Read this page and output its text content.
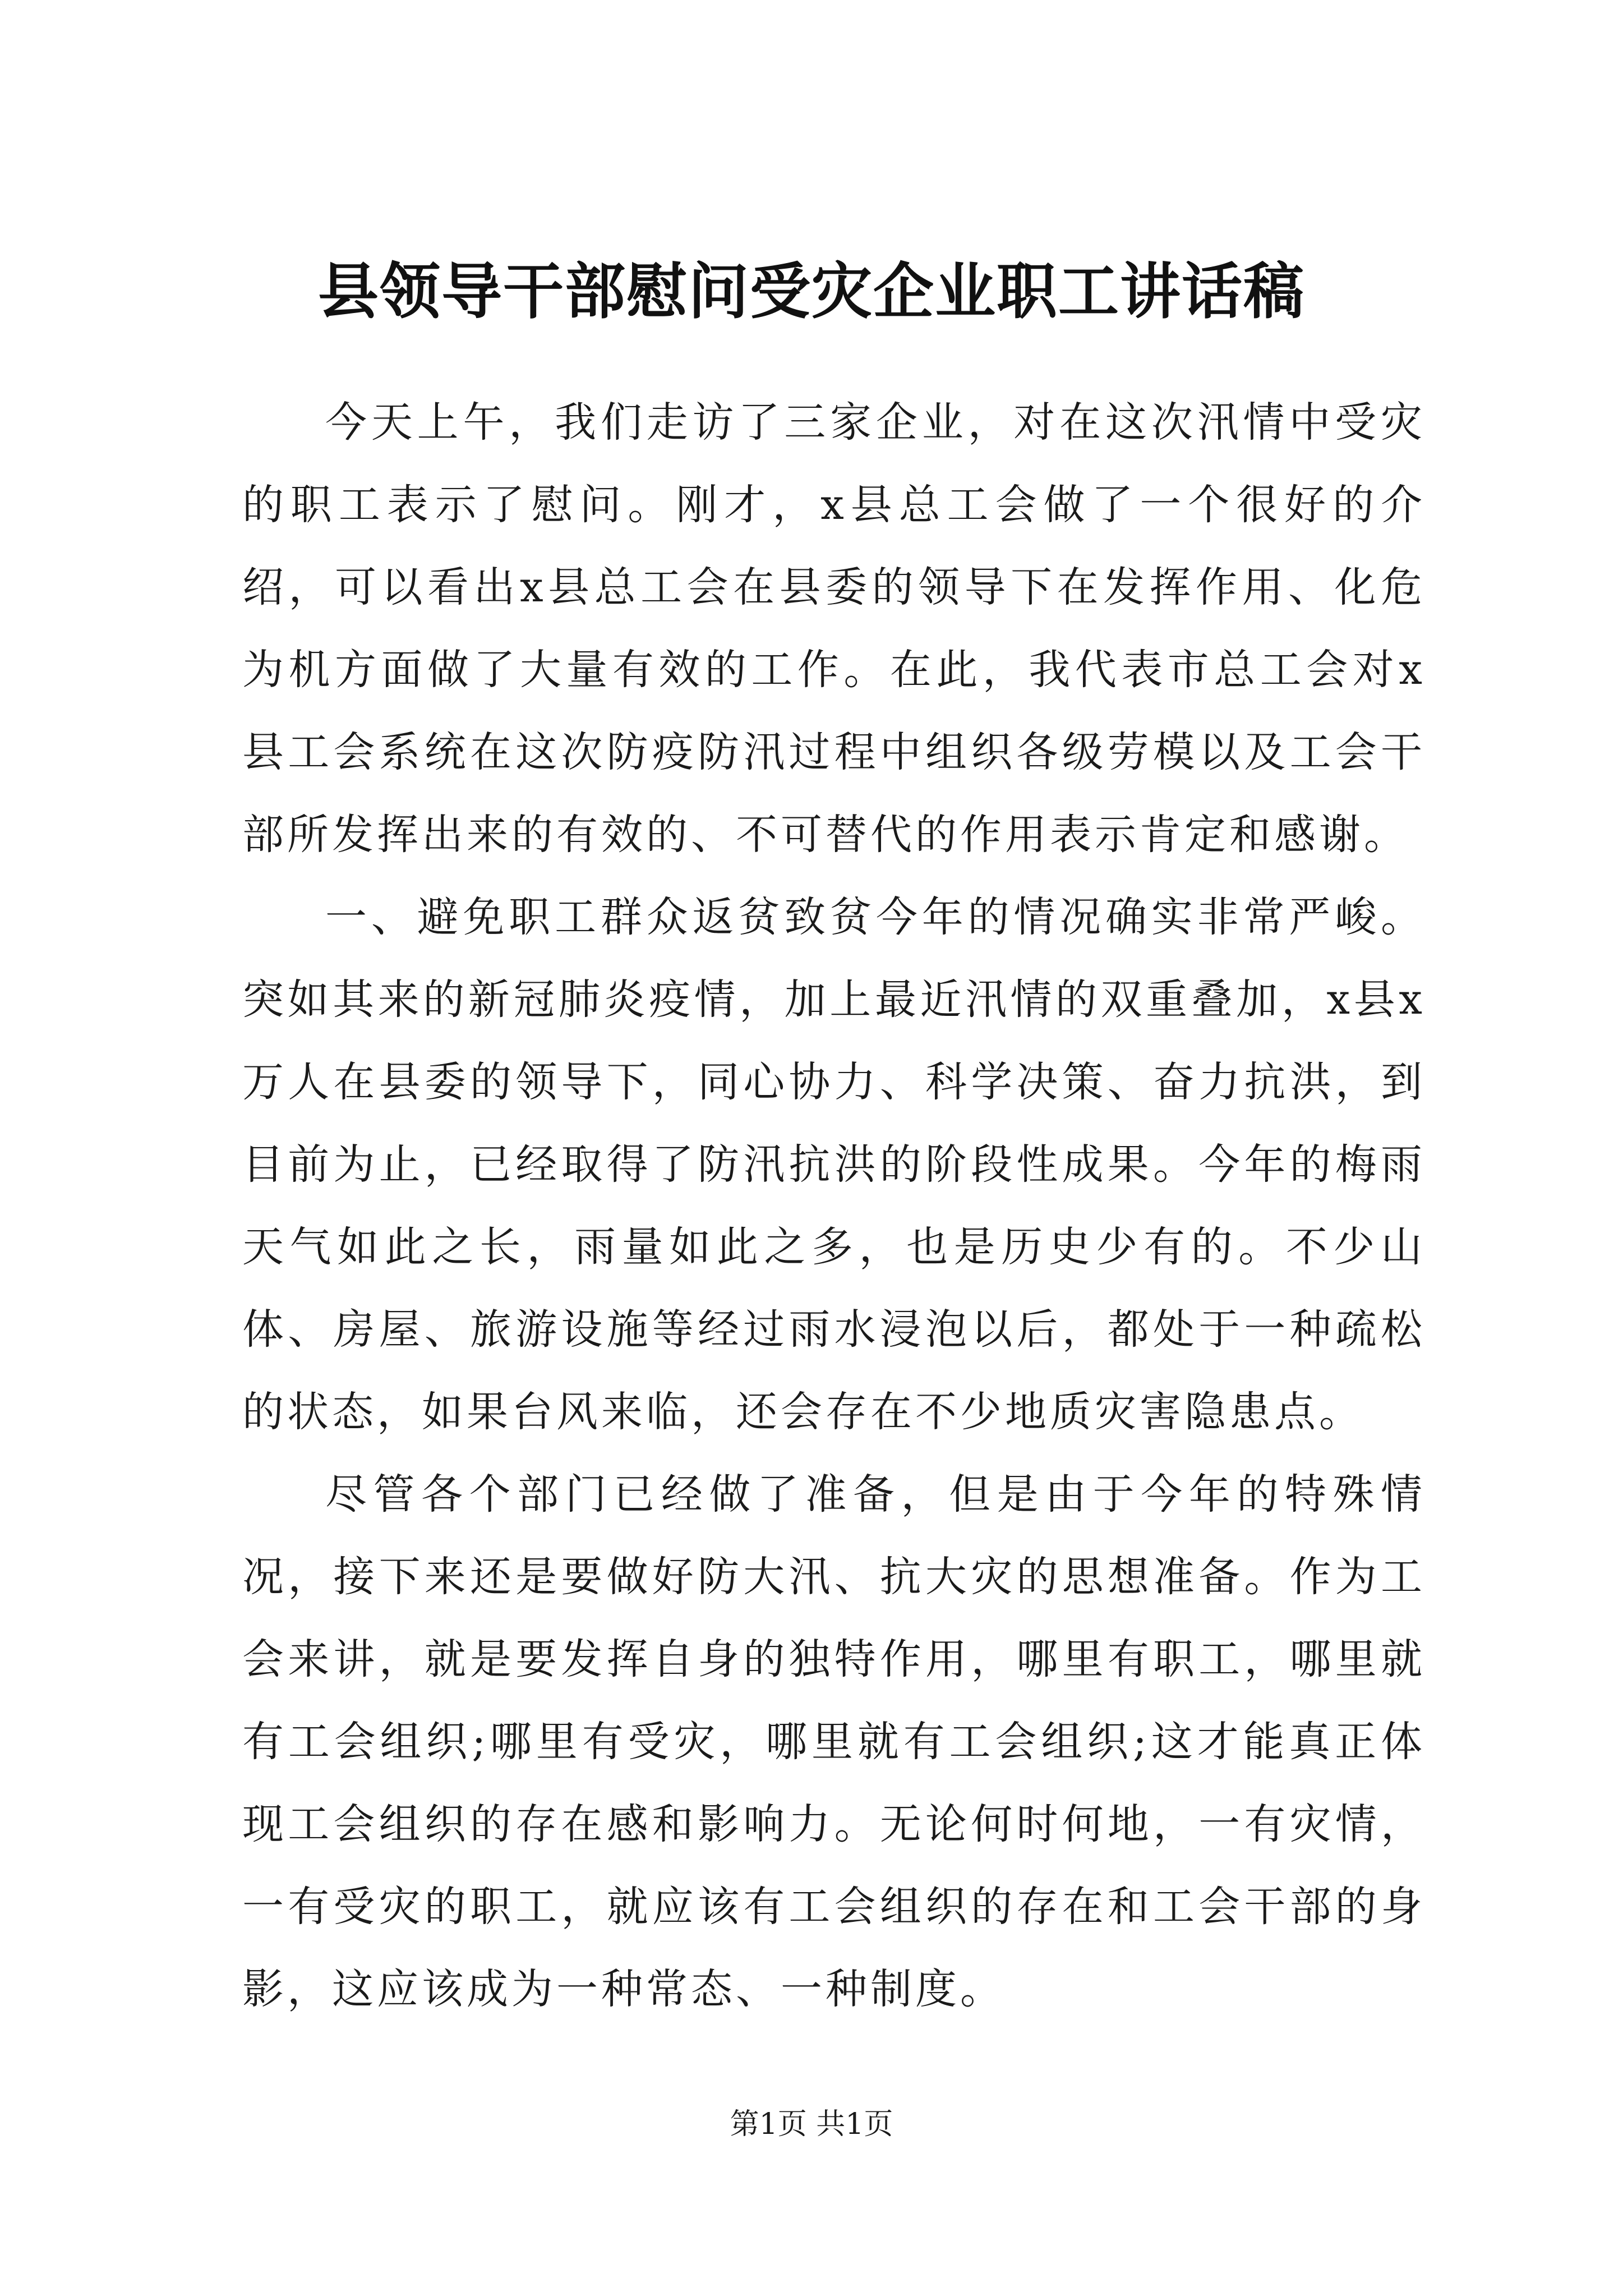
县领导干部慰问受灾企业职工讲话稿

今天上午，我们走访了三家企业，对在这次汛情中受灾的职工表示了慰问。刚才，x县总工会做了一个很好的介绍，可以看出x县总工会在县委的领导下在发挥作用、化危为机方面做了大量有效的工作。在此，我代表市总工会对x县工会系统在这次防疫防汛过程中组织各级劳模以及工会干部所发挥出来的有效的、不可替代的作用表示肯定和感谢。

一、避免职工群众返贫致贫今年的情况确实非常严峻。突如其来的新冠肺炎疫情，加上最近汛情的双重叠加，x县x万人在县委的领导下，同心协力、科学决策、奋力抗洪，到目前为止，已经取得了防汛抗洪的阶段性成果。今年的梅雨天气如此之长，雨量如此之多，也是历史少有的。不少山体、房屋、旅游设施等经过雨水浸泡以后，都处于一种疏松的状态，如果台风来临，还会存在不少地质灾害隐患点。

尽管各个部门已经做了准备，但是由于今年的特殊情况，接下来还是要做好防大汛、抗大灾的思想准备。作为工会来讲，就是要发挥自身的独特作用，哪里有职工，哪里就有工会组织;哪里有受灾，哪里就有工会组织;这才能真正体现工会组织的存在感和影响力。无论何时何地，一有灾情，一有受灾的职工，就应该有工会组织的存在和工会干部的身影，这应该成为一种常态、一种制度。

第1页 共1页
